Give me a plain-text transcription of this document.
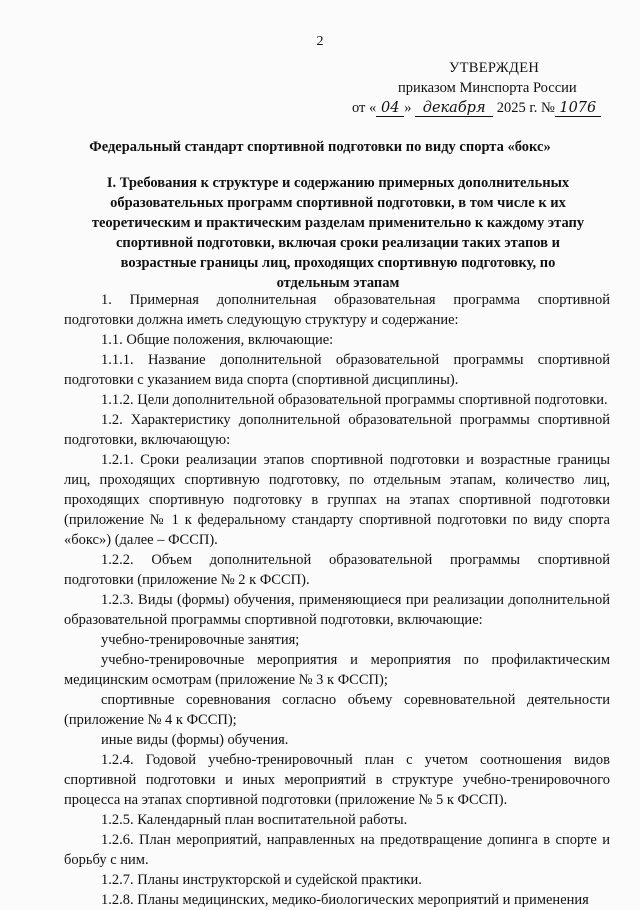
2
УТВЕРЖДЕН
приказом Минспорта России
от « 04 » декабря 2025 г. № 1076
Федеральный стандарт спортивной подготовки по виду спорта «бокс»
I. Требования к структуре и содержанию примерных дополнительных образовательных программ спортивной подготовки, в том числе к их теоретическим и практическим разделам применительно к каждому этапу спортивной подготовки, включая сроки реализации таких этапов и возрастные границы лиц, проходящих спортивную подготовку, по отдельным этапам

1. Примерная дополнительная образовательная программа спортивной подготовки должна иметь следующую структуру и содержание:

1.1. Общие положения, включающие:

1.1.1. Название дополнительной образовательной программы спортивной подготовки с указанием вида спорта (спортивной дисциплины).

1.1.2. Цели дополнительной образовательной программы спортивной подготовки.

1.2. Характеристику дополнительной образовательной программы спортивной подготовки, включающую:

1.2.1. Сроки реализации этапов спортивной подготовки и возрастные границы лиц, проходящих спортивную подготовку, по отдельным этапам, количество лиц, проходящих спортивную подготовку в группах на этапах спортивной подготовки (приложение № 1 к федеральному стандарту спортивной подготовки по виду спорта «бокс») (далее – ФССП).

1.2.2. Объем дополнительной образовательной программы спортивной подготовки (приложение № 2 к ФССП).

1.2.3. Виды (формы) обучения, применяющиеся при реализации дополнительной образовательной программы спортивной подготовки, включающие:

учебно-тренировочные занятия;

учебно-тренировочные мероприятия и мероприятия по профилактическим медицинским осмотрам (приложение № 3 к ФССП);

спортивные соревнования согласно объему соревновательной деятельности (приложение № 4 к ФССП);

иные виды (формы) обучения.

1.2.4. Годовой учебно-тренировочный план с учетом соотношения видов спортивной подготовки и иных мероприятий в структуре учебно-тренировочного процесса на этапах спортивной подготовки (приложение № 5 к ФССП).

1.2.5. Календарный план воспитательной работы.

1.2.6. План мероприятий, направленных на предотвращение допинга в спорте и борьбу с ним.

1.2.7. Планы инструкторской и судейской практики.

1.2.8. Планы медицинских, медико-биологических мероприятий и применения
